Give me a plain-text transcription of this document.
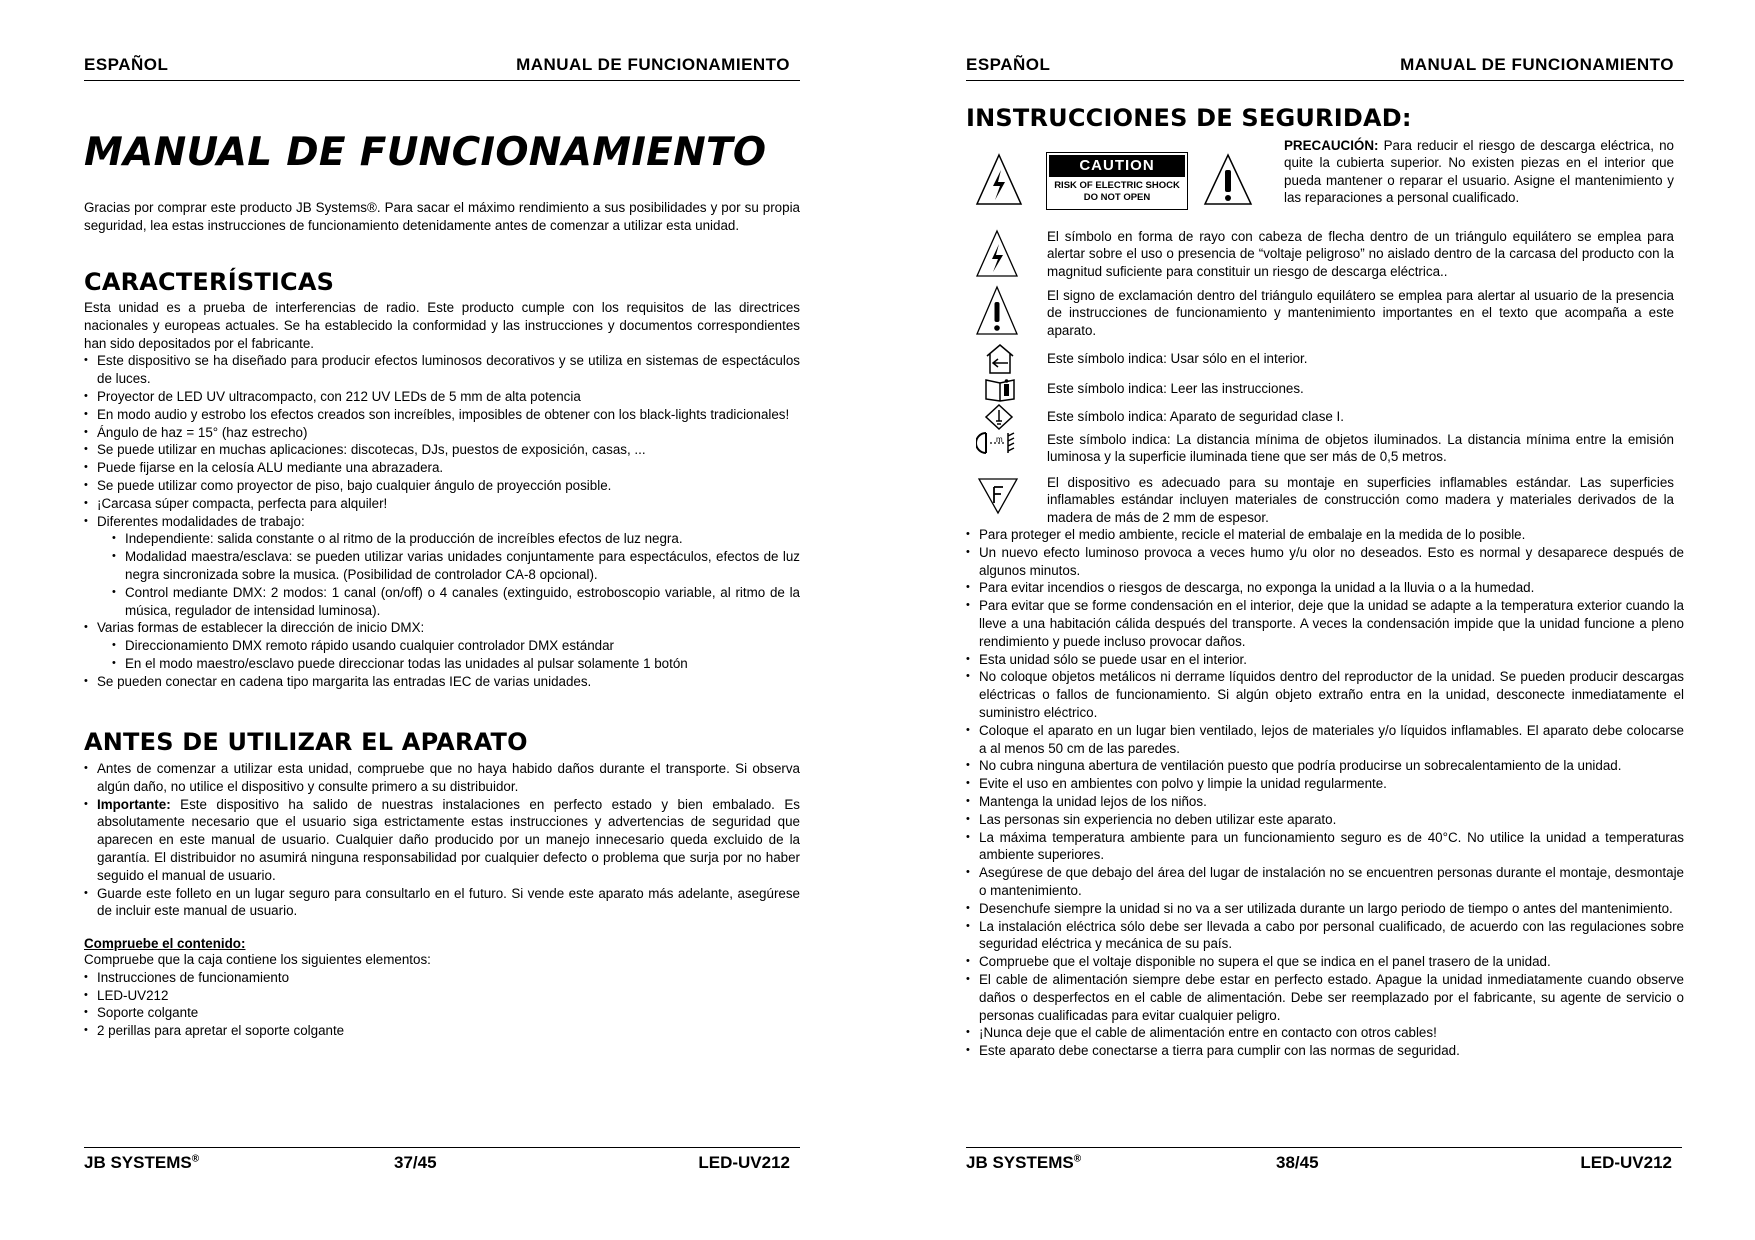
ESPAÑOL	MANUAL DE FUNCIONAMIENTO
MANUAL DE FUNCIONAMIENTO

Gracias por comprar este producto JB Systems®. Para sacar el máximo rendimiento a sus posibilidades y por su propia seguridad, lea estas instrucciones de funcionamiento detenidamente antes de comenzar a utilizar esta unidad.

CARACTERÍSTICAS

Esta unidad es a prueba de interferencias de radio. Este producto cumple con los requisitos de las directrices nacionales y europeas actuales. Se ha establecido la conformidad y las instrucciones y documentos correspondientes han sido depositados por el fabricante.

• Este dispositivo se ha diseñado para producir efectos luminosos decorativos y se utiliza en sistemas de espectáculos de luces.
• Proyector de LED UV ultracompacto, con 212 UV LEDs de 5 mm de alta potencia
• En modo audio y estrobo los efectos creados son increíbles, imposibles de obtener con los black-lights tradicionales!
• Ángulo de haz = 15° (haz estrecho)
• Se puede utilizar en muchas aplicaciones: discotecas, DJs, puestos de exposición, casas, ...
• Puede fijarse en la celosía ALU mediante una abrazadera.
• Se puede utilizar como proyector de piso, bajo cualquier ángulo de proyección posible.
• ¡Carcasa súper compacta, perfecta para alquiler!
• Diferentes modalidades de trabajo:
• Independiente: salida constante o al ritmo de la producción de increíbles efectos de luz negra.
• Modalidad maestra/esclava: se pueden utilizar varias unidades conjuntamente para espectáculos, efectos de luz negra sincronizada sobre la musica. (Posibilidad de controlador CA-8 opcional).
• Control mediante DMX: 2 modos: 1 canal (on/off) o 4 canales (extinguido, estroboscopio variable, al ritmo de la música, regulador de intensidad luminosa).
• Varias formas de establecer la dirección de inicio DMX:
• Direccionamiento DMX remoto rápido usando cualquier controlador DMX estándar
• En el modo maestro/esclavo puede direccionar todas las unidades al pulsar solamente 1 botón
• Se pueden conectar en cadena tipo margarita las entradas IEC de varias unidades.
ANTES DE UTILIZAR EL APARATO
• Antes de comenzar a utilizar esta unidad, compruebe que no haya habido daños durante el transporte. Si observa algún daño, no utilice el dispositivo y consulte primero a su distribuidor.
• Importante: Este dispositivo ha salido de nuestras instalaciones en perfecto estado y bien embalado. Es absolutamente necesario que el usuario siga estrictamente estas instrucciones y advertencias de seguridad que aparecen en este manual de usuario. Cualquier daño producido por un manejo innecesario queda excluido de la garantía. El distribuidor no asumirá ninguna responsabilidad por cualquier defecto o problema que surja por no haber seguido el manual de usuario.
• Guarde este folleto en un lugar seguro para consultarlo en el futuro. Si vende este aparato más adelante, asegúrese de incluir este manual de usuario.

Compruebe el contenido:

Compruebe que la caja contiene los siguientes elementos:

• Instrucciones de funcionamiento
• LED-UV212
• Soporte colgante
• 2 perillas para apretar el soporte colgante
JB SYSTEMS®	37/45	LED-UV212
ESPAÑOL	MANUAL DE FUNCIONAMIENTO
INSTRUCCIONES DE SEGURIDAD:
CAUTION
RISK OF ELECTRIC SHOCK
DO NOT OPEN

PRECAUCIÓN: Para reducir el riesgo de descarga eléctrica, no quite la cubierta superior. No existen piezas en el interior que pueda mantener o reparar el usuario. Asigne el mantenimiento y las reparaciones a personal cualificado.

El símbolo en forma de rayo con cabeza de flecha dentro de un triángulo equilátero se emplea para alertar sobre el uso o presencia de “voltaje peligroso” no aislado dentro de la carcasa del producto con la magnitud suficiente para constituir un riesgo de descarga eléctrica..
El signo de exclamación dentro del triángulo equilátero se emplea para alertar al usuario de la presencia de instrucciones de funcionamiento y mantenimiento importantes en el texto que acompaña a este aparato.
Este símbolo indica: Usar sólo en el interior.
Este símbolo indica: Leer las instrucciones.
Este símbolo indica: Aparato de seguridad clase I.
m	Este símbolo indica: La distancia mínima de objetos iluminados. La distancia mínima entre la emisión luminosa y la superficie iluminada tiene que ser más de 0,5 metros.
El dispositivo es adecuado para su montaje en superficies inflamables estándar. Las superficies inflamables estándar incluyen materiales de construcción como madera y materiales derivados de la madera de más de 2 mm de espesor.
• Para proteger el medio ambiente, recicle el material de embalaje en la medida de lo posible.
• Un nuevo efecto luminoso provoca a veces humo y/u olor no deseados. Esto es normal y desaparece después de algunos minutos.
• Para evitar incendios o riesgos de descarga, no exponga la unidad a la lluvia o a la humedad.
• Para evitar que se forme condensación en el interior, deje que la unidad se adapte a la temperatura exterior cuando la lleve a una habitación cálida después del transporte. A veces la condensación impide que la unidad funcione a pleno rendimiento y puede incluso provocar daños.
• Esta unidad sólo se puede usar en el interior.
• No coloque objetos metálicos ni derrame líquidos dentro del reproductor de la unidad. Se pueden producir descargas eléctricas o fallos de funcionamiento. Si algún objeto extraño entra en la unidad, desconecte inmediatamente el suministro eléctrico.
• Coloque el aparato en un lugar bien ventilado, lejos de materiales y/o líquidos inflamables. El aparato debe colocarse a al menos 50 cm de las paredes.
• No cubra ninguna abertura de ventilación puesto que podría producirse un sobrecalentamiento de la unidad.
• Evite el uso en ambientes con polvo y limpie la unidad regularmente.
• Mantenga la unidad lejos de los niños.
• Las personas sin experiencia no deben utilizar este aparato.
• La máxima temperatura ambiente para un funcionamiento seguro es de 40°C. No utilice la unidad a temperaturas ambiente superiores.
• Asegúrese de que debajo del área del lugar de instalación no se encuentren personas durante el montaje, desmontaje o mantenimiento.
• Desenchufe siempre la unidad si no va a ser utilizada durante un largo periodo de tiempo o antes del mantenimiento.
• La instalación eléctrica sólo debe ser llevada a cabo por personal cualificado, de acuerdo con las regulaciones sobre seguridad eléctrica y mecánica de su país.
• Compruebe que el voltaje disponible no supera el que se indica en el panel trasero de la unidad.
• El cable de alimentación siempre debe estar en perfecto estado. Apague la unidad inmediatamente cuando observe daños o desperfectos en el cable de alimentación. Debe ser reemplazado por el fabricante, su agente de servicio o personas cualificadas para evitar cualquier peligro.
• ¡Nunca deje que el cable de alimentación entre en contacto con otros cables!
• Este aparato debe conectarse a tierra para cumplir con las normas de seguridad.
JB SYSTEMS®	38/45	LED-UV212
